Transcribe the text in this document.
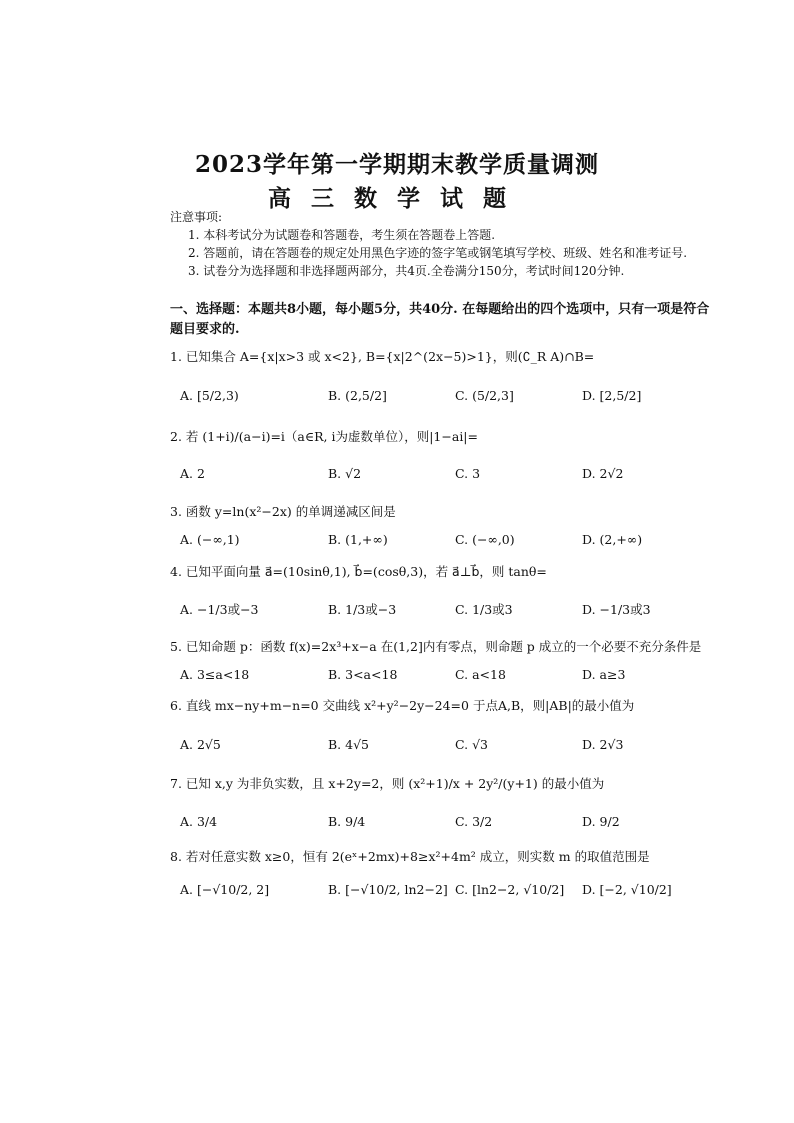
2023学年第一学期期末教学质量调测
高三数学试题
注意事项:
1. 本科考试分为试题卷和答题卷，考生须在答题卷上答题.
2. 答题前，请在答题卷的规定处用黑色字迹的签字笔或钢笔填写学校、班级、姓名和准考证号.
3. 试卷分为选择题和非选择题两部分，共4页.全卷满分150分，考试时间120分钟.
一、选择题：本题共8小题，每小题5分，共40分. 在每题给出的四个选项中，只有一项是符合题目要求的.
1. 已知集合 A={x|x>3 或 x<2}, B={x|2^(2x−5)>1}，则(∁_R A)∩B=
A. [5/2,3)	B. (2,5/2]	C. (5/2,3]	D. [2,5/2]
2. 若 (1+i)/(a−i)=i（a∈R, i为虚数单位），则|1−ai|=
A. 2	B. √2	C. 3	D. 2√2
3. 函数 y=ln(x²−2x) 的单调递减区间是
A. (−∞,1)	B. (1,+∞)	C. (−∞,0)	D. (2,+∞)
4. 已知平面向量 a⃗=(10sinθ,1), b⃗=(cosθ,3)，若 a⃗⊥b⃗，则 tanθ=
A. −1/3或−3	B. 1/3或−3	C. 1/3或3	D. −1/3或3
5. 已知命题 p：函数 f(x)=2x³+x−a 在(1,2]内有零点，则命题 p 成立的一个必要不充分条件是
A. 3≤a<18	B. 3<a<18	C. a<18	D. a≥3
6. 直线 mx−ny+m−n=0 交曲线 x²+y²−2y−24=0 于点A,B，则|AB|的最小值为
A. 2√5	B. 4√5	C. √3	D. 2√3
7. 已知 x,y 为非负实数，且 x+2y=2，则 (x²+1)/x + 2y²/(y+1) 的最小值为
A. 3/4	B. 9/4	C. 3/2	D. 9/2
8. 若对任意实数 x≥0，恒有 2(eˣ+2mx)+8≥x²+4m² 成立，则实数 m 的取值范围是
A. [−√10/2, 2]	B. [−√10/2, ln2−2] C. [ln2−2, √10/2] D. [−2, √10/2]
